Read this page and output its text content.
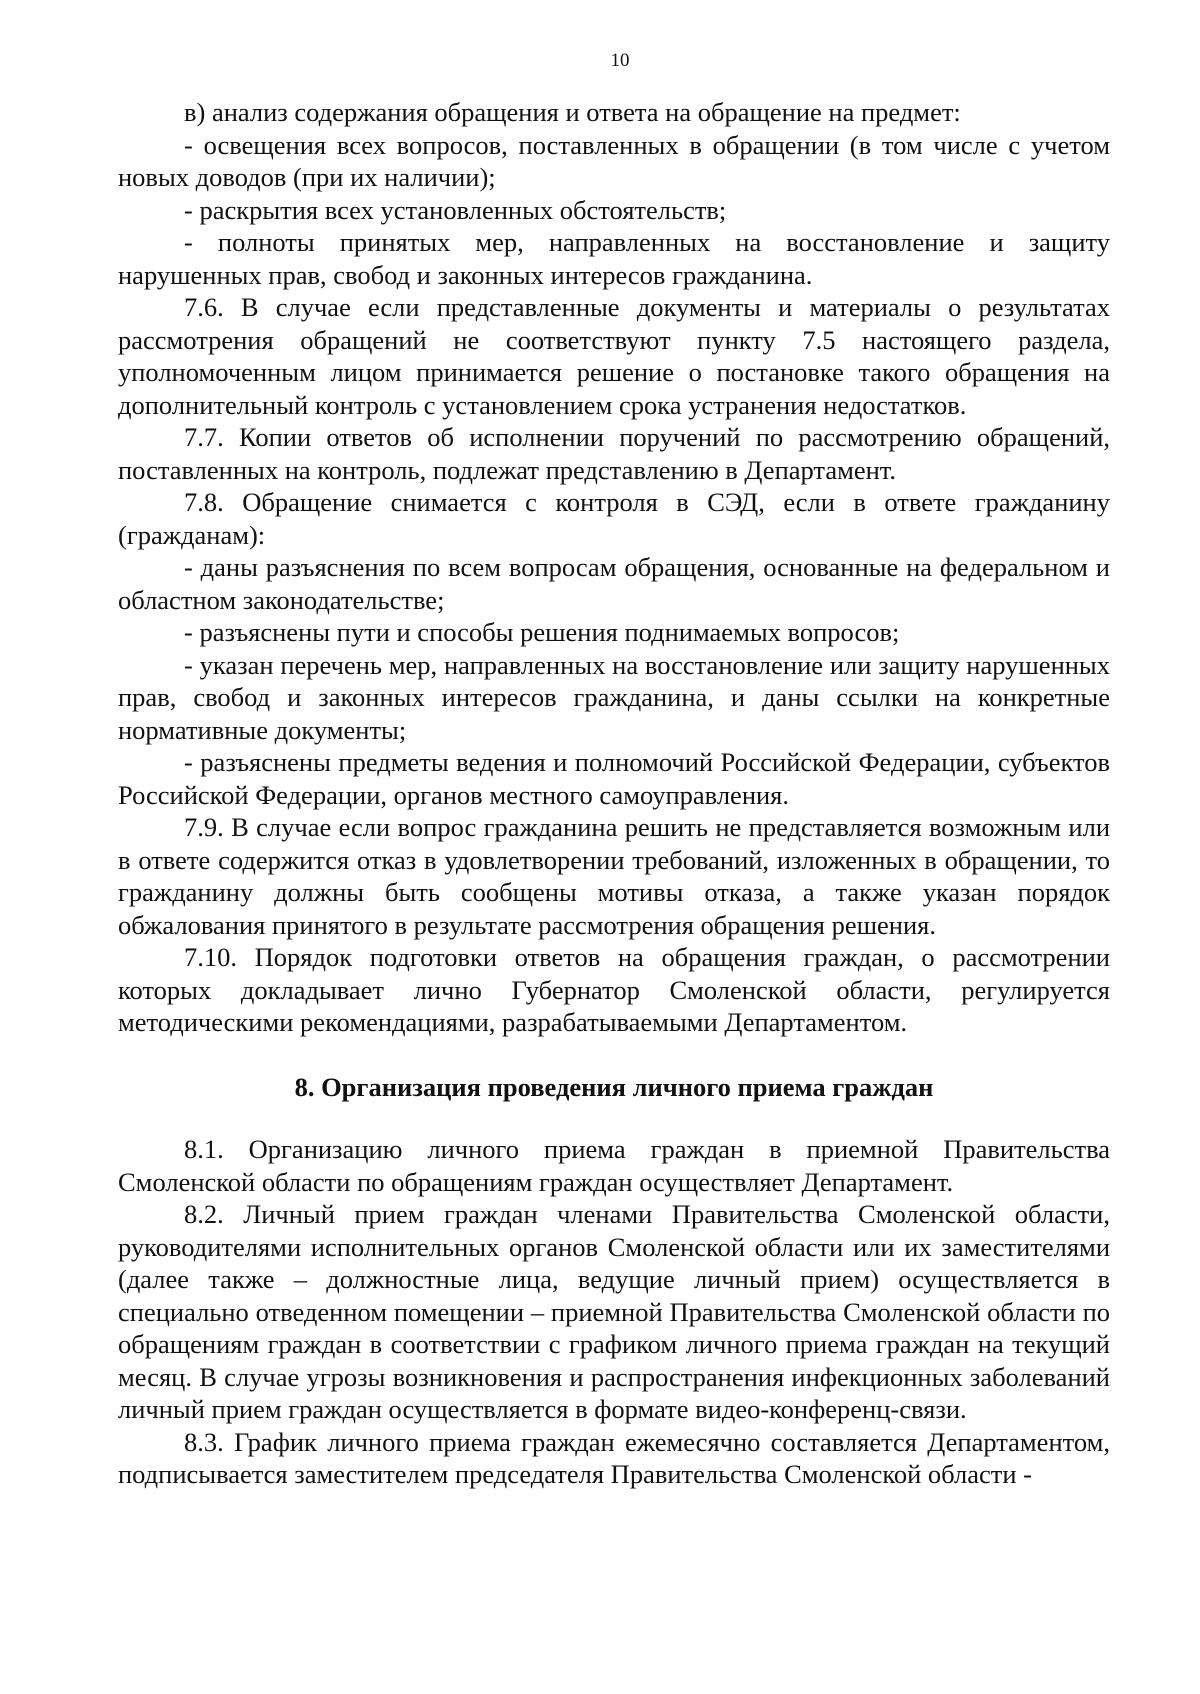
10

в) анализ содержания обращения и ответа на обращение на предмет:

- освещения всех вопросов, поставленных в обращении (в том числе с учетом новых доводов (при их наличии);

- раскрытия всех установленных обстоятельств;

- полноты принятых мер, направленных на восстановление и защиту нарушенных прав, свобод и законных интересов гражданина.

7.6. В случае если представленные документы и материалы о результатах рассмотрения обращений не соответствуют пункту 7.5 настоящего раздела, уполномоченным лицом принимается решение о постановке такого обращения на дополнительный контроль с установлением срока устранения недостатков.

7.7. Копии ответов об исполнении поручений по рассмотрению обращений, поставленных на контроль, подлежат представлению в Департамент.

7.8. Обращение снимается с контроля в СЭД, если в ответе гражданину (гражданам):

- даны разъяснения по всем вопросам обращения, основанные на федеральном и областном законодательстве;

- разъяснены пути и способы решения поднимаемых вопросов;

- указан перечень мер, направленных на восстановление или защиту нарушенных прав, свобод и законных интересов гражданина, и даны ссылки на конкретные нормативные документы;

- разъяснены предметы ведения и полномочий Российской Федерации, субъектов Российской Федерации, органов местного самоуправления.

7.9. В случае если вопрос гражданина решить не представляется возможным или в ответе содержится отказ в удовлетворении требований, изложенных в обращении, то гражданину должны быть сообщены мотивы отказа, а также указан порядок обжалования принятого в результате рассмотрения обращения решения.

7.10. Порядок подготовки ответов на обращения граждан, о рассмотрении которых докладывает лично Губернатор Смоленской области, регулируется методическими рекомендациями, разрабатываемыми Департаментом.

8. Организация проведения личного приема граждан

8.1. Организацию личного приема граждан в приемной Правительства Смоленской области по обращениям граждан осуществляет Департамент.

8.2. Личный прием граждан членами Правительства Смоленской области, руководителями исполнительных органов Смоленской области или их заместителями (далее также – должностные лица, ведущие личный прием) осуществляется в специально отведенном помещении – приемной Правительства Смоленской области по обращениям граждан в соответствии с графиком личного приема граждан на текущий месяц. В случае угрозы возникновения и распространения инфекционных заболеваний личный прием граждан осуществляется в формате видео-конференц-связи.

8.3. График личного приема граждан ежемесячно составляется Департаментом, подписывается заместителем председателя Правительства Смоленской области -
